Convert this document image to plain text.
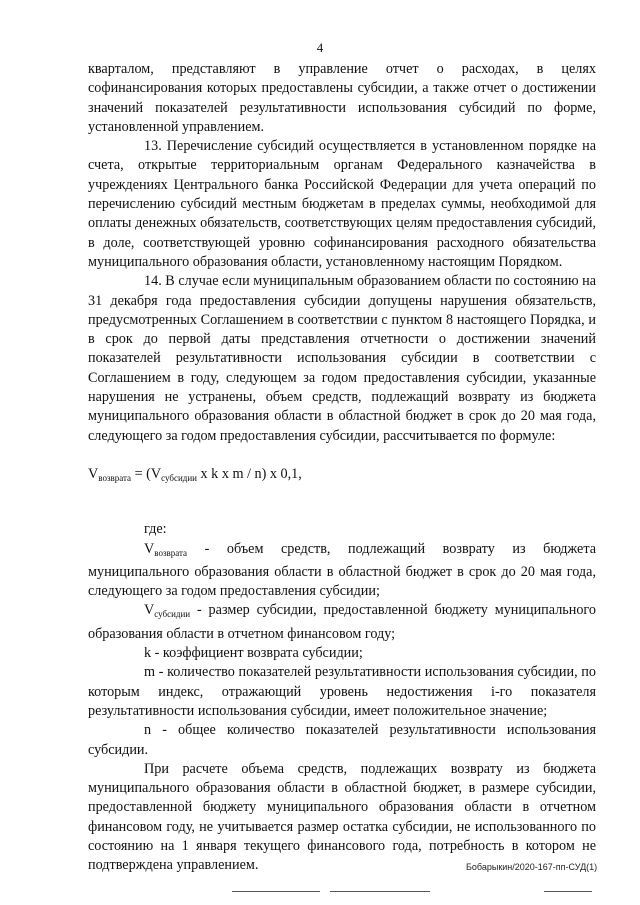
4

кварталом, представляют в управление отчет о расходах, в целях софинансирования которых предоставлены субсидии, а также отчет о достижении значений показателей результативности использования субсидий по форме, установленной управлением.

13. Перечисление субсидий осуществляется в установленном порядке на счета, открытые территориальным органам Федерального казначейства в учреждениях Центрального банка Российской Федерации для учета операций по перечислению субсидий местным бюджетам в пределах суммы, необходимой для оплаты денежных обязательств, соответствующих целям предоставления субсидий, в доле, соответствующей уровню софинансирования расходного обязательства муниципального образования области, установленному настоящим Порядком.

14. В случае если муниципальным образованием области по состоянию на 31 декабря года предоставления субсидии допущены нарушения обязательств, предусмотренных Соглашением в соответствии с пунктом 8 настоящего Порядка, и в срок до первой даты представления отчетности о достижении значений показателей результативности использования субсидии в соответствии с Соглашением в году, следующем за годом предоставления субсидии, указанные нарушения не устранены, объем средств, подлежащий возврату из бюджета муниципального образования области в областной бюджет в срок до 20 мая года, следующего за годом предоставления субсидии, рассчитывается по формуле:

$V_{возврата} = (V_{субсидии}$ x k x m / n) x 0,1,

где:

$V_{возврата}$ - объем средств, подлежащий возврату из бюджета муниципального образования области в областной бюджет в срок до 20 мая года, следующего за годом предоставления субсидии;

$V_{субсидии}$ - размер субсидии, предоставленной бюджету муниципального образования области в отчетном финансовом году;

k - коэффициент возврата субсидии;

m - количество показателей результативности использования субсидии, по которым индекс, отражающий уровень недостижения i-го показателя результативности использования субсидии, имеет положительное значение;

n - общее количество показателей результативности использования субсидии.

При расчете объема средств, подлежащих возврату из бюджета муниципального образования области в областной бюджет, в размере субсидии, предоставленной бюджету муниципального образования области в отчетном финансовом году, не учитывается размер остатка субсидии, не использованного по состоянию на 1 января текущего финансового года, потребность в котором не подтверждена управлением.	Бобарыкин/2020-167-пп-СУД(1)
